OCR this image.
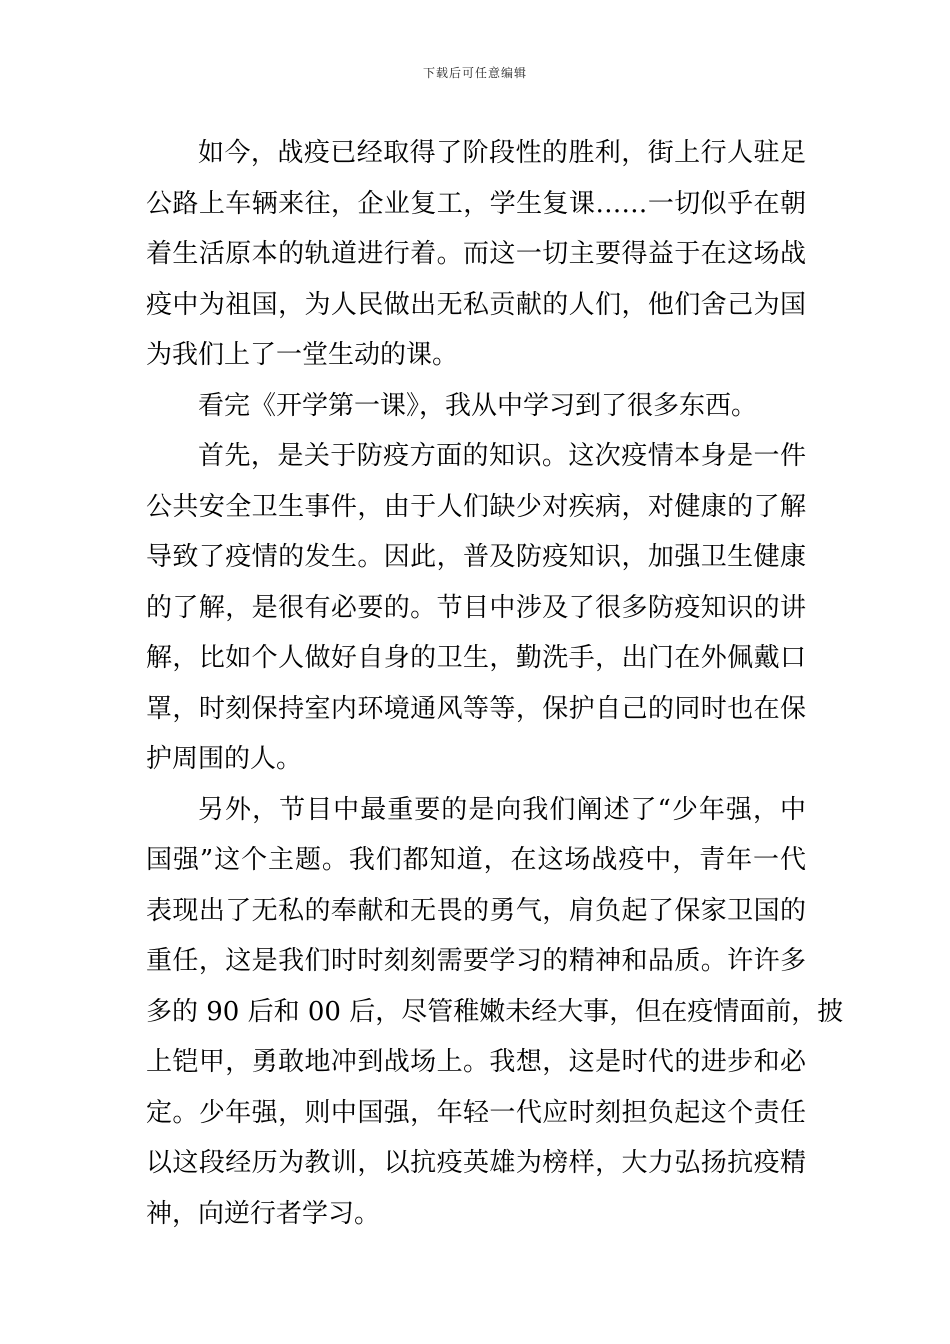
下载后可任意编辑
如今，战疫已经取得了阶段性的胜利，街上行人驻足
公路上车辆来往，企业复工，学生复课……一切似乎在朝
着生活原本的轨道进行着。而这一切主要得益于在这场战
疫中为祖国，为人民做出无私贡献的人们，他们舍己为国
为我们上了一堂生动的课。
看完《开学第一课》，我从中学习到了很多东西。
首先，是关于防疫方面的知识。这次疫情本身是一件
公共安全卫生事件，由于人们缺少对疾病，对健康的了解
导致了疫情的发生。因此，普及防疫知识，加强卫生健康
的了解，是很有必要的。节目中涉及了很多防疫知识的讲
解，比如个人做好自身的卫生，勤洗手，出门在外佩戴口
罩，时刻保持室内环境通风等等，保护自己的同时也在保
护周围的人。
另外，节目中最重要的是向我们阐述了“少年强，中
国强”这个主题。我们都知道，在这场战疫中，青年一代
表现出了无私的奉献和无畏的勇气，肩负起了保家卫国的
重任，这是我们时时刻刻需要学习的精神和品质。许许多
多的 90 后和 00 后，尽管稚嫩未经大事，但在疫情面前，披
上铠甲，勇敢地冲到战场上。我想，这是时代的进步和必
定。少年强，则中国强，年轻一代应时刻担负起这个责任
以这段经历为教训，以抗疫英雄为榜样，大力弘扬抗疫精
神，向逆行者学习。
